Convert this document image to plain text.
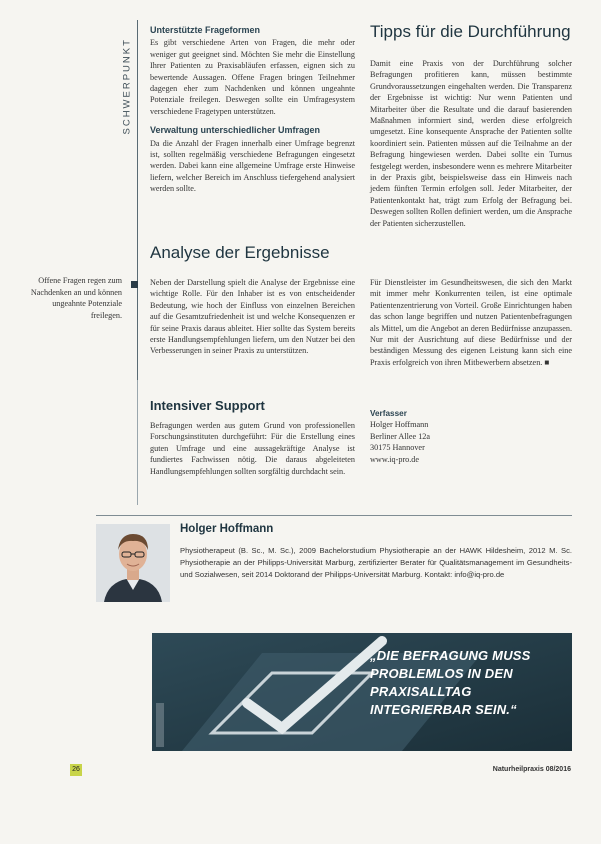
SCHWERPUNKT
Offene Fragen regen zum Nachdenken an und können ungeahnte Potenziale freilegen.
Unterstützte Frageformen

Es gibt verschiedene Arten von Fragen, die mehr oder weniger gut geeignet sind. Möchten Sie mehr die Einstellung Ihrer Patienten zu Praxisabläufen erfassen, eignen sich zu bewertende Aussagen. Offene Fragen bringen Teilnehmer dagegen eher zum Nachdenken und können ungeahnte Potenziale freilegen. Deswegen sollte ein Umfragesystem verschiedene Fragetypen unterstützen.

Verwaltung unterschiedlicher Umfragen

Da die Anzahl der Fragen innerhalb einer Umfrage begrenzt ist, sollten regelmäßig verschiedene Befragungen eingesetzt werden. Dabei kann eine allgemeine Umfrage erste Hinweise liefern, welcher Bereich im Anschluss tiefergehend analysiert werden sollte.

Analyse der Ergebnisse

Neben der Darstellung spielt die Analyse der Ergebnisse eine wichtige Rolle. Für den Inhaber ist es von entscheidender Bedeutung, wie hoch der Einfluss von einzelnen Bereichen auf die Gesamtzufriedenheit ist und welche Konsequenzen er für seine Praxis daraus ableitet. Hier sollte das System bereits erste Handlungsempfehlungen liefern, um den Nutzer bei den Verbesserungen in seiner Praxis zu unterstützen.

Intensiver Support

Befragungen werden aus gutem Grund von professionellen Forschungsinstituten durchgeführt: Für die Erstellung eines guten Umfrage und eine aussagekräftige Analyse ist fundiertes Fachwissen nötig. Die daraus abgeleiteten Handlungsempfehlungen sollten sorgfältig durchdacht sein.

Tipps für die Durchführung

Damit eine Praxis von der Durchführung solcher Befragungen profitieren kann, müssen bestimmte Grundvoraussetzungen eingehalten werden. Die Transparenz der Ergebnisse ist wichtig: Nur wenn Patienten und Mitarbeiter über die Resultate und die darauf basierenden Maßnahmen informiert sind, werden diese erfolgreich umgesetzt. Eine konsequente Ansprache der Patienten sollte koordiniert sein. Patienten müssen auf die Teilnahme an der Befragung hingewiesen werden. Dabei sollte ein Turnus festgelegt werden, insbesondere wenn es mehrere Mitarbeiter in der Praxis gibt, beispielsweise dass ein Hinweis nach jedem fünften Termin erfolgen soll. Jeder Mitarbeiter, der Patientenkontakt hat, trägt zum Erfolg der Befragung bei. Deswegen sollten Rollen definiert werden, um die Ansprache der Patienten sicherzustellen.

Für Dienstleister im Gesundheitswesen, die sich den Markt mit immer mehr Konkurrenten teilen, ist eine optimale Patientenzentrierung von Vorteil. Große Einrichtungen haben das schon lange begriffen und nutzen Patientenbefragungen als Mittel, um die Angebot an deren Bedürfnisse anzupassen. Nur mit der Ausrichtung auf diese Bedürfnisse und der beständigen Messung des eigenen Leistung kann sich eine Praxis erfolgreich von ihren Mitbewerbern absetzen. ■

Verfasser
Holger Hoffmann
Berliner Allee 12a
30175 Hannover
www.iq-pro.de
Holger Hoffmann
Physiotherapeut (B. Sc., M. Sc.), 2009 Bachelorstudium Physiotherapie an der HAWK Hildesheim, 2012 M. Sc. Physiotherapie an der Philipps-Universität Marburg, zertifizierter Berater für Qualitätsmanagement im Gesundheits- und Sozialwesen, seit 2014 Doktorand der Philipps-Universität Marburg. Kontakt: info@iq-pro.de
„DIE BEFRAGUNG MUSS PROBLEMLOS IN DEN PRAXISALLTAG INTEGRIERBAR SEIN.“
26	Naturheilpraxis 08/2016
